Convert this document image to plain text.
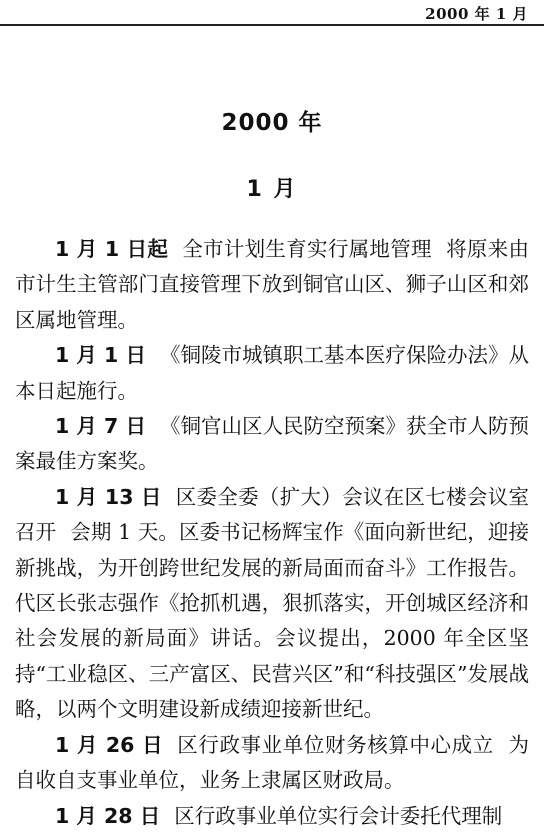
2000 年 1 月
2000 年
1 月

1 月 1 日起 全市计划生育实行属地管理 将原来由市计生主管部门直接管理下放到铜官山区、狮子山区和郊区属地管理。

1 月 1 日 《铜陵市城镇职工基本医疗保险办法》从本日起施行。

1 月 7 日 《铜官山区人民防空预案》获全市人防预案最佳方案奖。

1 月 13 日 区委全委（扩大）会议在区七楼会议室召开 会期 1 天。区委书记杨辉宝作《面向新世纪，迎接新挑战，为开创跨世纪发展的新局面而奋斗》工作报告。代区长张志强作《抢抓机遇，狠抓落实，开创城区经济和社会发展的新局面》讲话。会议提出，2000 年全区坚持“工业稳区、三产富区、民营兴区”和“科技强区”发展战略，以两个文明建设新成绩迎接新世纪。

1 月 26 日 区行政事业单位财务核算中心成立 为自收自支事业单位，业务上隶属区财政局。

1 月 28 日 区行政事业单位实行会计委托代理制
